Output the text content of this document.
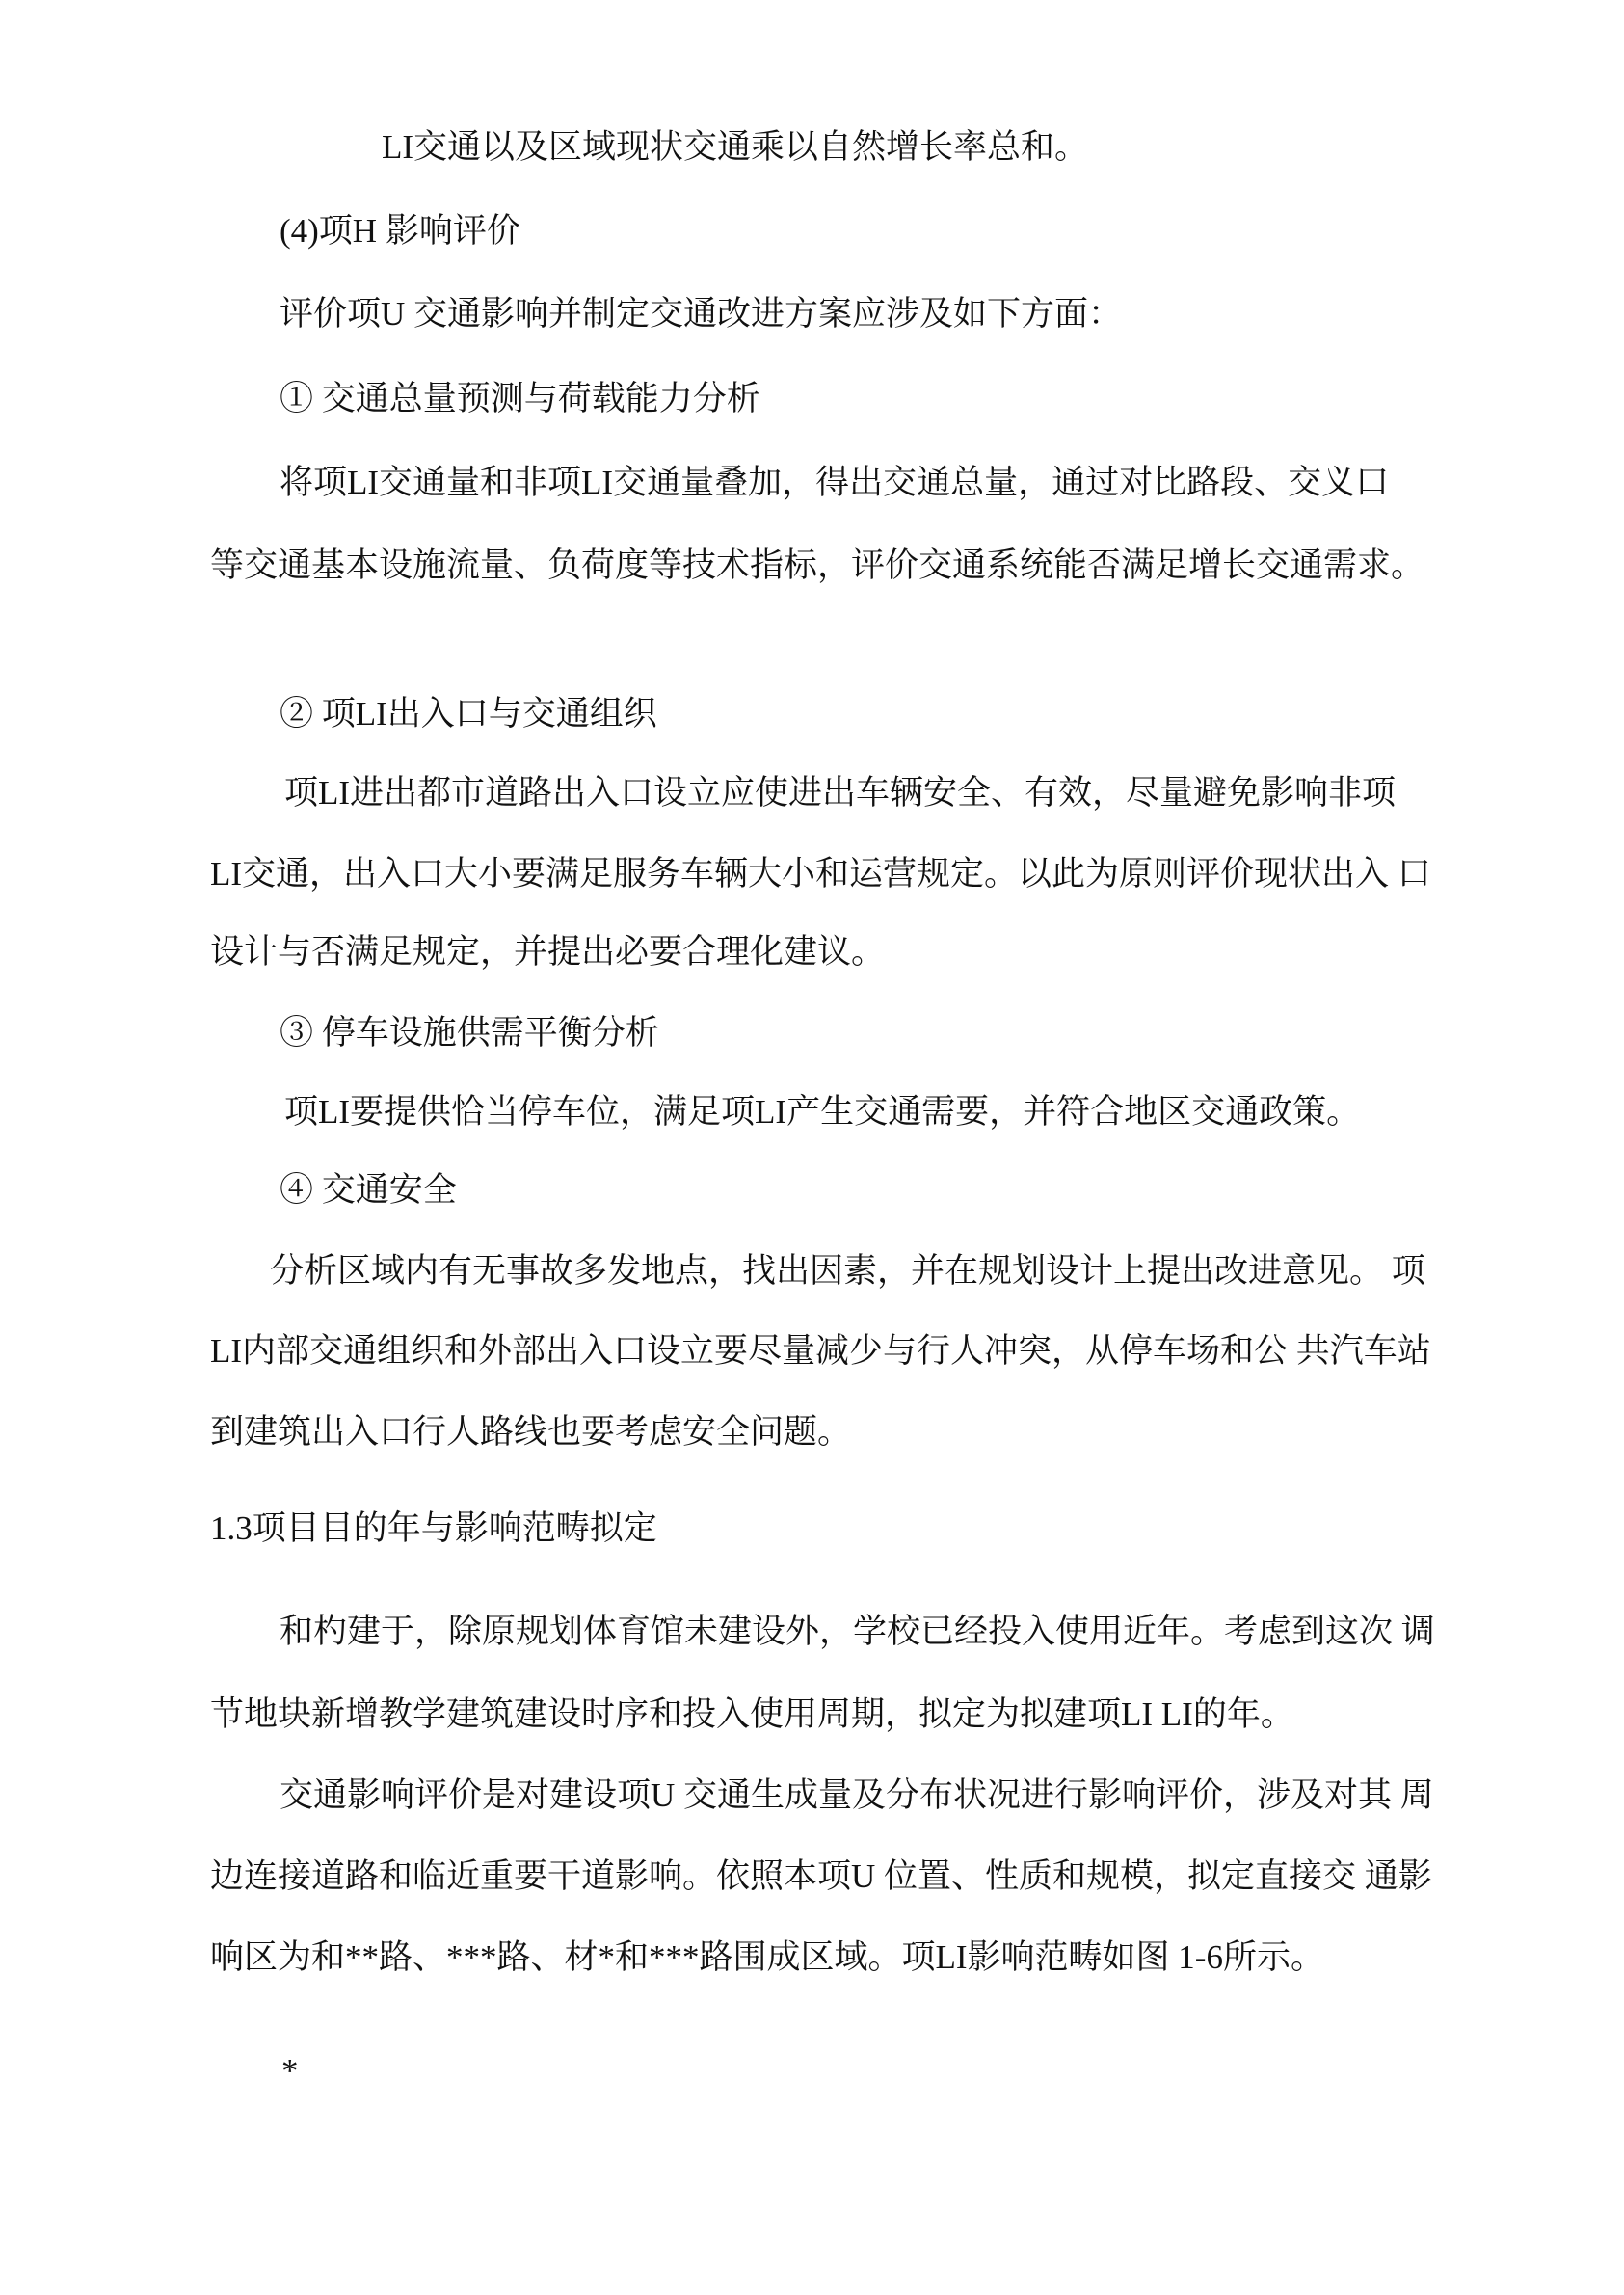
LI交通以及区域现状交通乘以自然增长率总和。
(4)项H 影响评价
评价项U 交通影响并制定交通改进方案应涉及如下方面：
① 交通总量预测与荷载能力分析
将项LI交通量和非项LI交通量叠加，得出交通总量，通过对比路段、交义口
等交通基本设施流量、负荷度等技术指标，评价交通系统能否满足增长交通需求。
② 项LI出入口与交通组织
项LI进出都市道路出入口设立应使进出车辆安全、有效，尽量避免影响非项
LI交通，出入口大小要满足服务车辆大小和运营规定。以此为原则评价现状出入 口
设计与否满足规定，并提出必要合理化建议。
③ 停车设施供需平衡分析
项LI要提供恰当停车位，满足项LI产生交通需要，并符合地区交通政策。
④ 交通安全
分析区域内有无事故多发地点，找出因素，并在规划设计上提出改进意见。 项
LI内部交通组织和外部出入口设立要尽量减少与行人冲突，从停车场和公 共汽车站
到建筑出入口行人路线也要考虑安全问题。
1.3项目目的年与影响范畴拟定
和杓建于，除原规划体育馆未建设外，学校已经投入使用近年。考虑到这次 调
节地块新增教学建筑建设时序和投入使用周期，拟定为拟建项LI LI的年。
交通影响评价是对建设项U 交通生成量及分布状况进行影响评价，涉及对其 周
边连接道路和临近重要干道影响。依照本项U 位置、性质和规模，拟定直接交 通影
响区为和**路、***路、材*和***路围成区域。项LI影响范畴如图 1-6所示。
*
